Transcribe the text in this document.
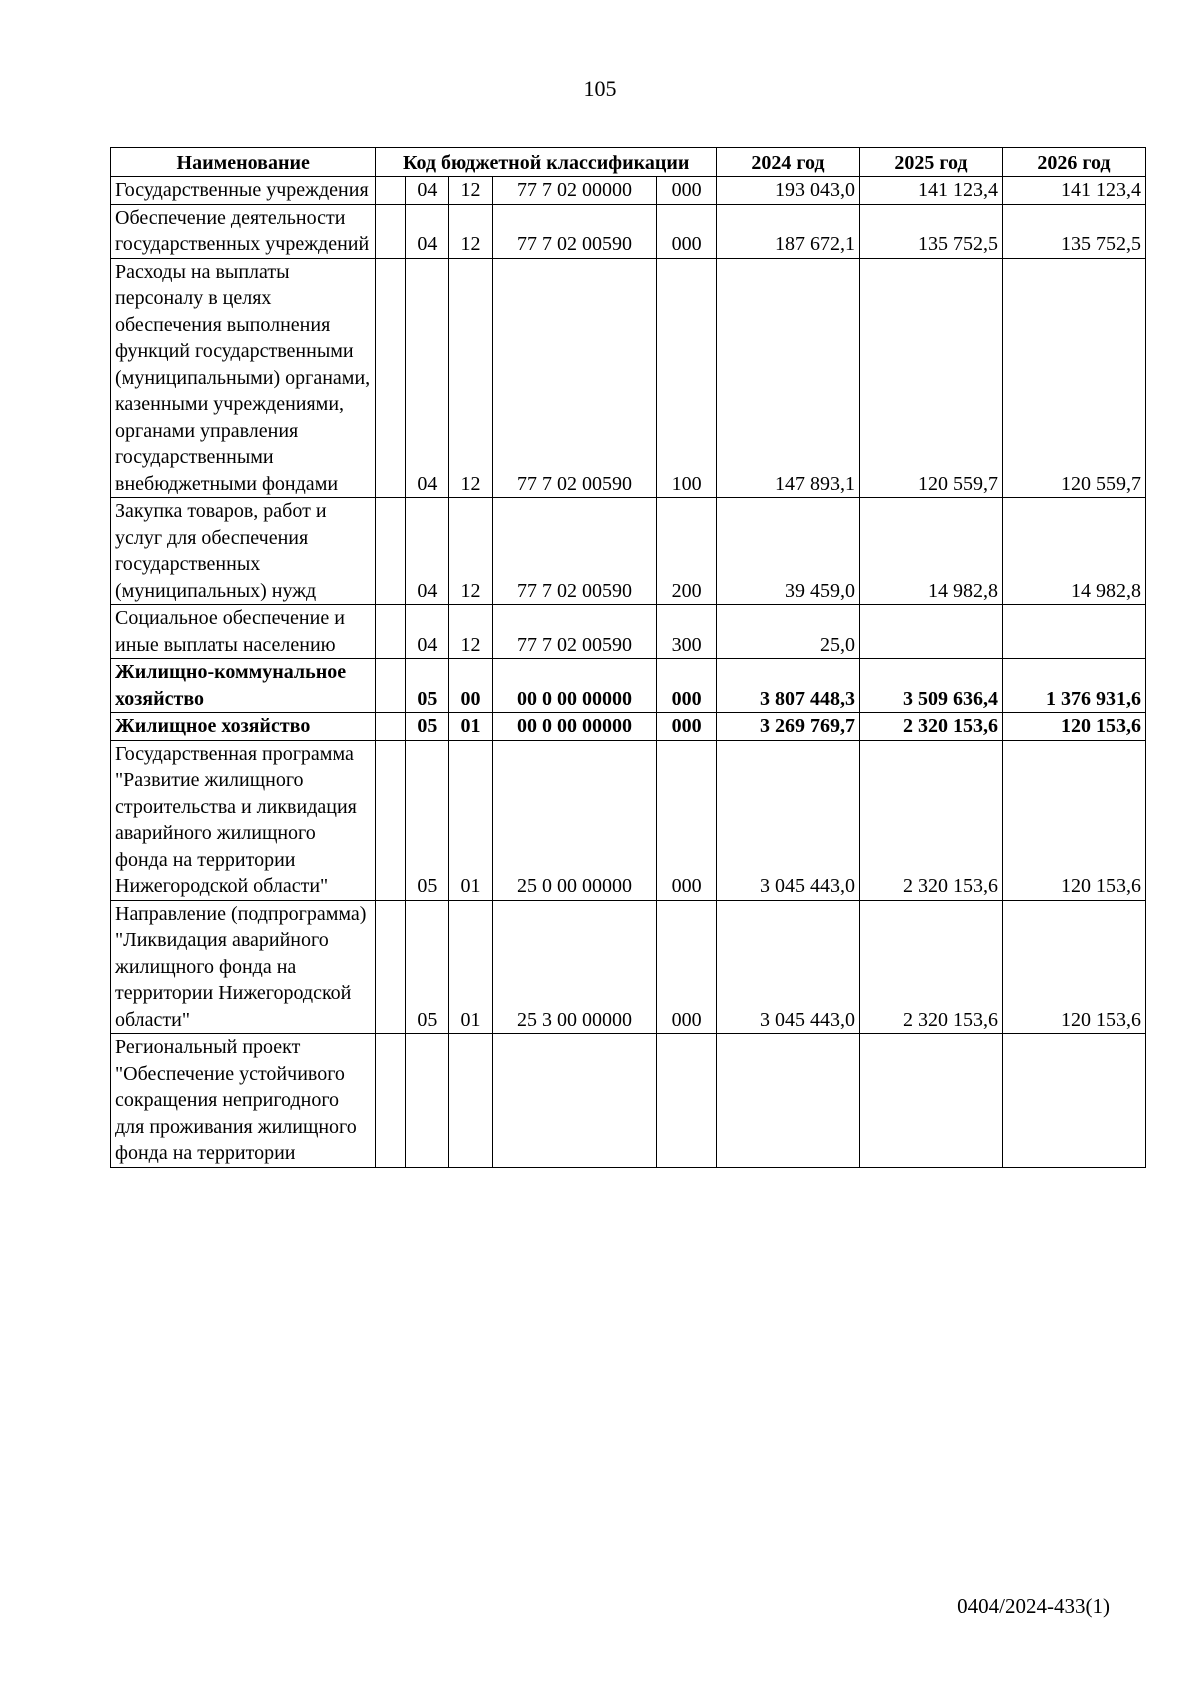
105
Наименование	Код бюджетной классификации					2024 год	2025 год	2026 год
Государственные учреждения		04	12	77 7 02 00000	000	193 043,0	141 123,4	141 123,4
Обеспечение деятельности государственных учреждений		04	12	77 7 02 00590	000	187 672,1	135 752,5	135 752,5
Расходы на выплаты персоналу в целях обеспечения выполнения функций государственными (муниципальными) органами, казенными учреждениями, органами управления государственными внебюджетными фондами		04	12	77 7 02 00590	100	147 893,1	120 559,7	120 559,7
Закупка товаров, работ и услуг для обеспечения государственных (муниципальных) нужд		04	12	77 7 02 00590	200	39 459,0	14 982,8	14 982,8
Социальное обеспечение и иные выплаты населению		04	12	77 7 02 00590	300	25,0		
Жилищно-коммунальное хозяйство		05	00	00 0 00 00000	000	3 807 448,3	3 509 636,4	1 376 931,6
Жилищное хозяйство		05	01	00 0 00 00000	000	3 269 769,7	2 320 153,6	120 153,6
Государственная программа "Развитие жилищного строительства и ликвидация аварийного жилищного фонда на территории Нижегородской области"		05	01	25 0 00 00000	000	3 045 443,0	2 320 153,6	120 153,6
Направление (подпрограмма) "Ликвидация аварийного жилищного фонда на территории Нижегородской области"		05	01	25 3 00 00000	000	3 045 443,0	2 320 153,6	120 153,6
Региональный проект "Обеспечение устойчивого сокращения непригодного для проживания жилищного фонда на территории								
0404/2024-433(1)
